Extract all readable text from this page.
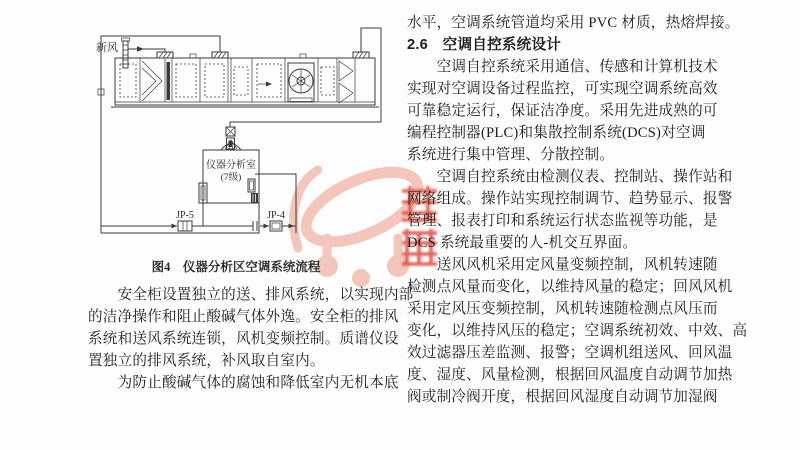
新风
仪器分析室
(7级)
JP-5	JP-4
图4　仪器分析区空调系统流程
　　安全柜设置独立的送、排风系统，以实现内部
的洁净操作和阻止酸碱气体外逸。安全柜的排风
系统和送风系统连锁，风机变频控制。质谱仪设
置独立的排风系统，补风取自室内。
　　为防止酸碱气体的腐蚀和降低室内无机本底
水平，空调系统管道均采用 PVC 材质，热熔焊接。
2.6　空调自控系统设计
　　空调自控系统采用通信、传感和计算机技术
实现对空调设备过程监控，可实现空调系统高效
可靠稳定运行，保证洁净度。采用先进成熟的可
编程控制器(PLC)和集散控制系统(DCS)对空调
系统进行集中管理、分散控制。
　　空调自控系统由检测仪表、控制站、操作站和
网络组成。操作站实现控制调节、趋势显示、报警
管理、报表打印和系统运行状态监视等功能，是
DCS 系统最重要的人-机交互界面。
　　送风风机采用定风量变频控制，风机转速随
检测点风量而变化，以维持风量的稳定；回风风机
采用定风压变频控制，风机转速随检测点风压而
变化，以维持风压的稳定；空调系统初效、中效、高
效过滤器压差监测、报警；空调机组送风、回风温
度、湿度、风量检测，根据回风温度自动调节加热
阀或制冷阀开度，根据回风湿度自动调节加湿阀
